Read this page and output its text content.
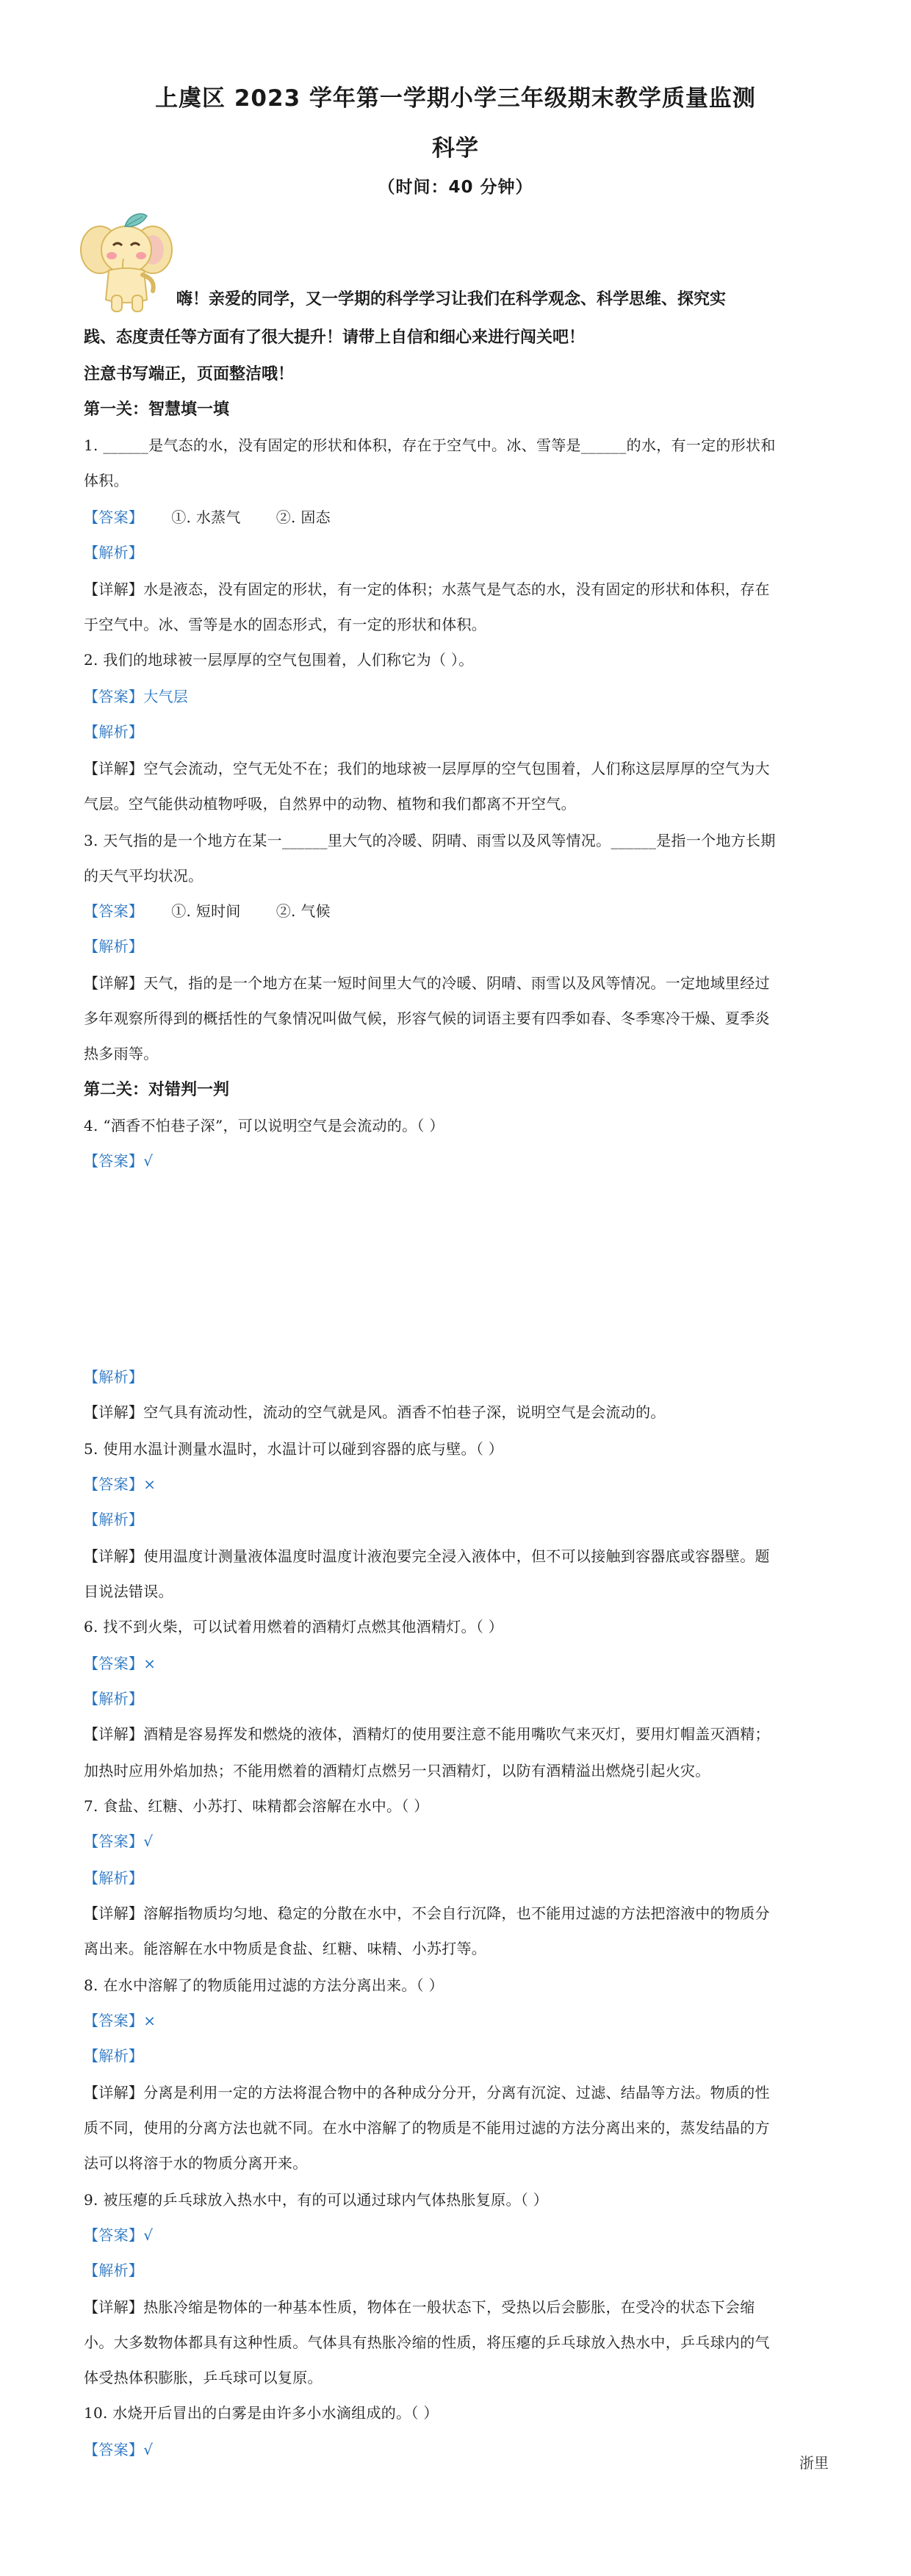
上虞区 2023 学年第一学期小学三年级期末教学质量监测
科学
（时间：40 分钟）
嗨！亲爱的同学，又一学期的科学学习让我们在科学观念、科学思维、探究实
践、态度责任等方面有了很大提升！请带上自信和细心来进行闯关吧！
注意书写端正，页面整洁哦！
第一关：智慧填一填
1. ______是气态的水，没有固定的形状和体积，存在于空气中。冰、雪等是______的水，有一定的形状和
体积。
【答案】 ①. 水蒸气 ②. 固态
【解析】
【详解】水是液态，没有固定的形状，有一定的体积；水蒸气是气态的水，没有固定的形状和体积，存在
于空气中。冰、雪等是水的固态形式，有一定的形状和体积。
2. 我们的地球被一层厚厚的空气包围着，人们称它为（ ）。
【答案】大气层
【解析】
【详解】空气会流动，空气无处不在；我们的地球被一层厚厚的空气包围着，人们称这层厚厚的空气为大
气层。空气能供动植物呼吸，自然界中的动物、植物和我们都离不开空气。
3. 天气指的是一个地方在某一______里大气的冷暖、阴晴、雨雪以及风等情况。______是指一个地方长期
的天气平均状况。
【答案】 ①. 短时间 ②. 气候
【解析】
【详解】天气，指的是一个地方在某一短时间里大气的冷暖、阴晴、雨雪以及风等情况。一定地域里经过
多年观察所得到的概括性的气象情况叫做气候，形容气候的词语主要有四季如春、冬季寒冷干燥、夏季炎
热多雨等。
第二关：对错判一判
4. “酒香不怕巷子深”，可以说明空气是会流动的。（ ）
【答案】√
【解析】
【详解】空气具有流动性，流动的空气就是风。酒香不怕巷子深，说明空气是会流动的。
5. 使用水温计测量水温时，水温计可以碰到容器的底与壁。（ ）
【答案】×
【解析】
【详解】使用温度计测量液体温度时温度计液泡要完全浸入液体中，但不可以接触到容器底或容器壁。题
目说法错误。
6. 找不到火柴，可以试着用燃着的酒精灯点燃其他酒精灯。（ ）
【答案】×
【解析】
【详解】酒精是容易挥发和燃烧的液体，酒精灯的使用要注意不能用嘴吹气来灭灯，要用灯帽盖灭酒精；
加热时应用外焰加热；不能用燃着的酒精灯点燃另一只酒精灯，以防有酒精溢出燃烧引起火灾。
7. 食盐、红糖、小苏打、味精都会溶解在水中。（ ）
【答案】√
【解析】
【详解】溶解指物质均匀地、稳定的分散在水中，不会自行沉降，也不能用过滤的方法把溶液中的物质分
离出来。能溶解在水中物质是食盐、红糖、味精、小苏打等。
8. 在水中溶解了的物质能用过滤的方法分离出来。（ ）
【答案】×
【解析】
【详解】分离是利用一定的方法将混合物中的各种成分分开，分离有沉淀、过滤、结晶等方法。物质的性
质不同，使用的分离方法也就不同。在水中溶解了的物质是不能用过滤的方法分离出来的，蒸发结晶的方
法可以将溶于水的物质分离开来。
9. 被压瘪的乒乓球放入热水中，有的可以通过球内气体热胀复原。（ ）
【答案】√
【解析】
【详解】热胀冷缩是物体的一种基本性质，物体在一般状态下，受热以后会膨胀，在受冷的状态下会缩
小。大多数物体都具有这种性质。气体具有热胀冷缩的性质，将压瘪的乒乓球放入热水中，乒乓球内的气
体受热体积膨胀，乒乓球可以复原。
10. 水烧开后冒出的白雾是由许多小水滴组成的。（ ）
【答案】√
浙里
